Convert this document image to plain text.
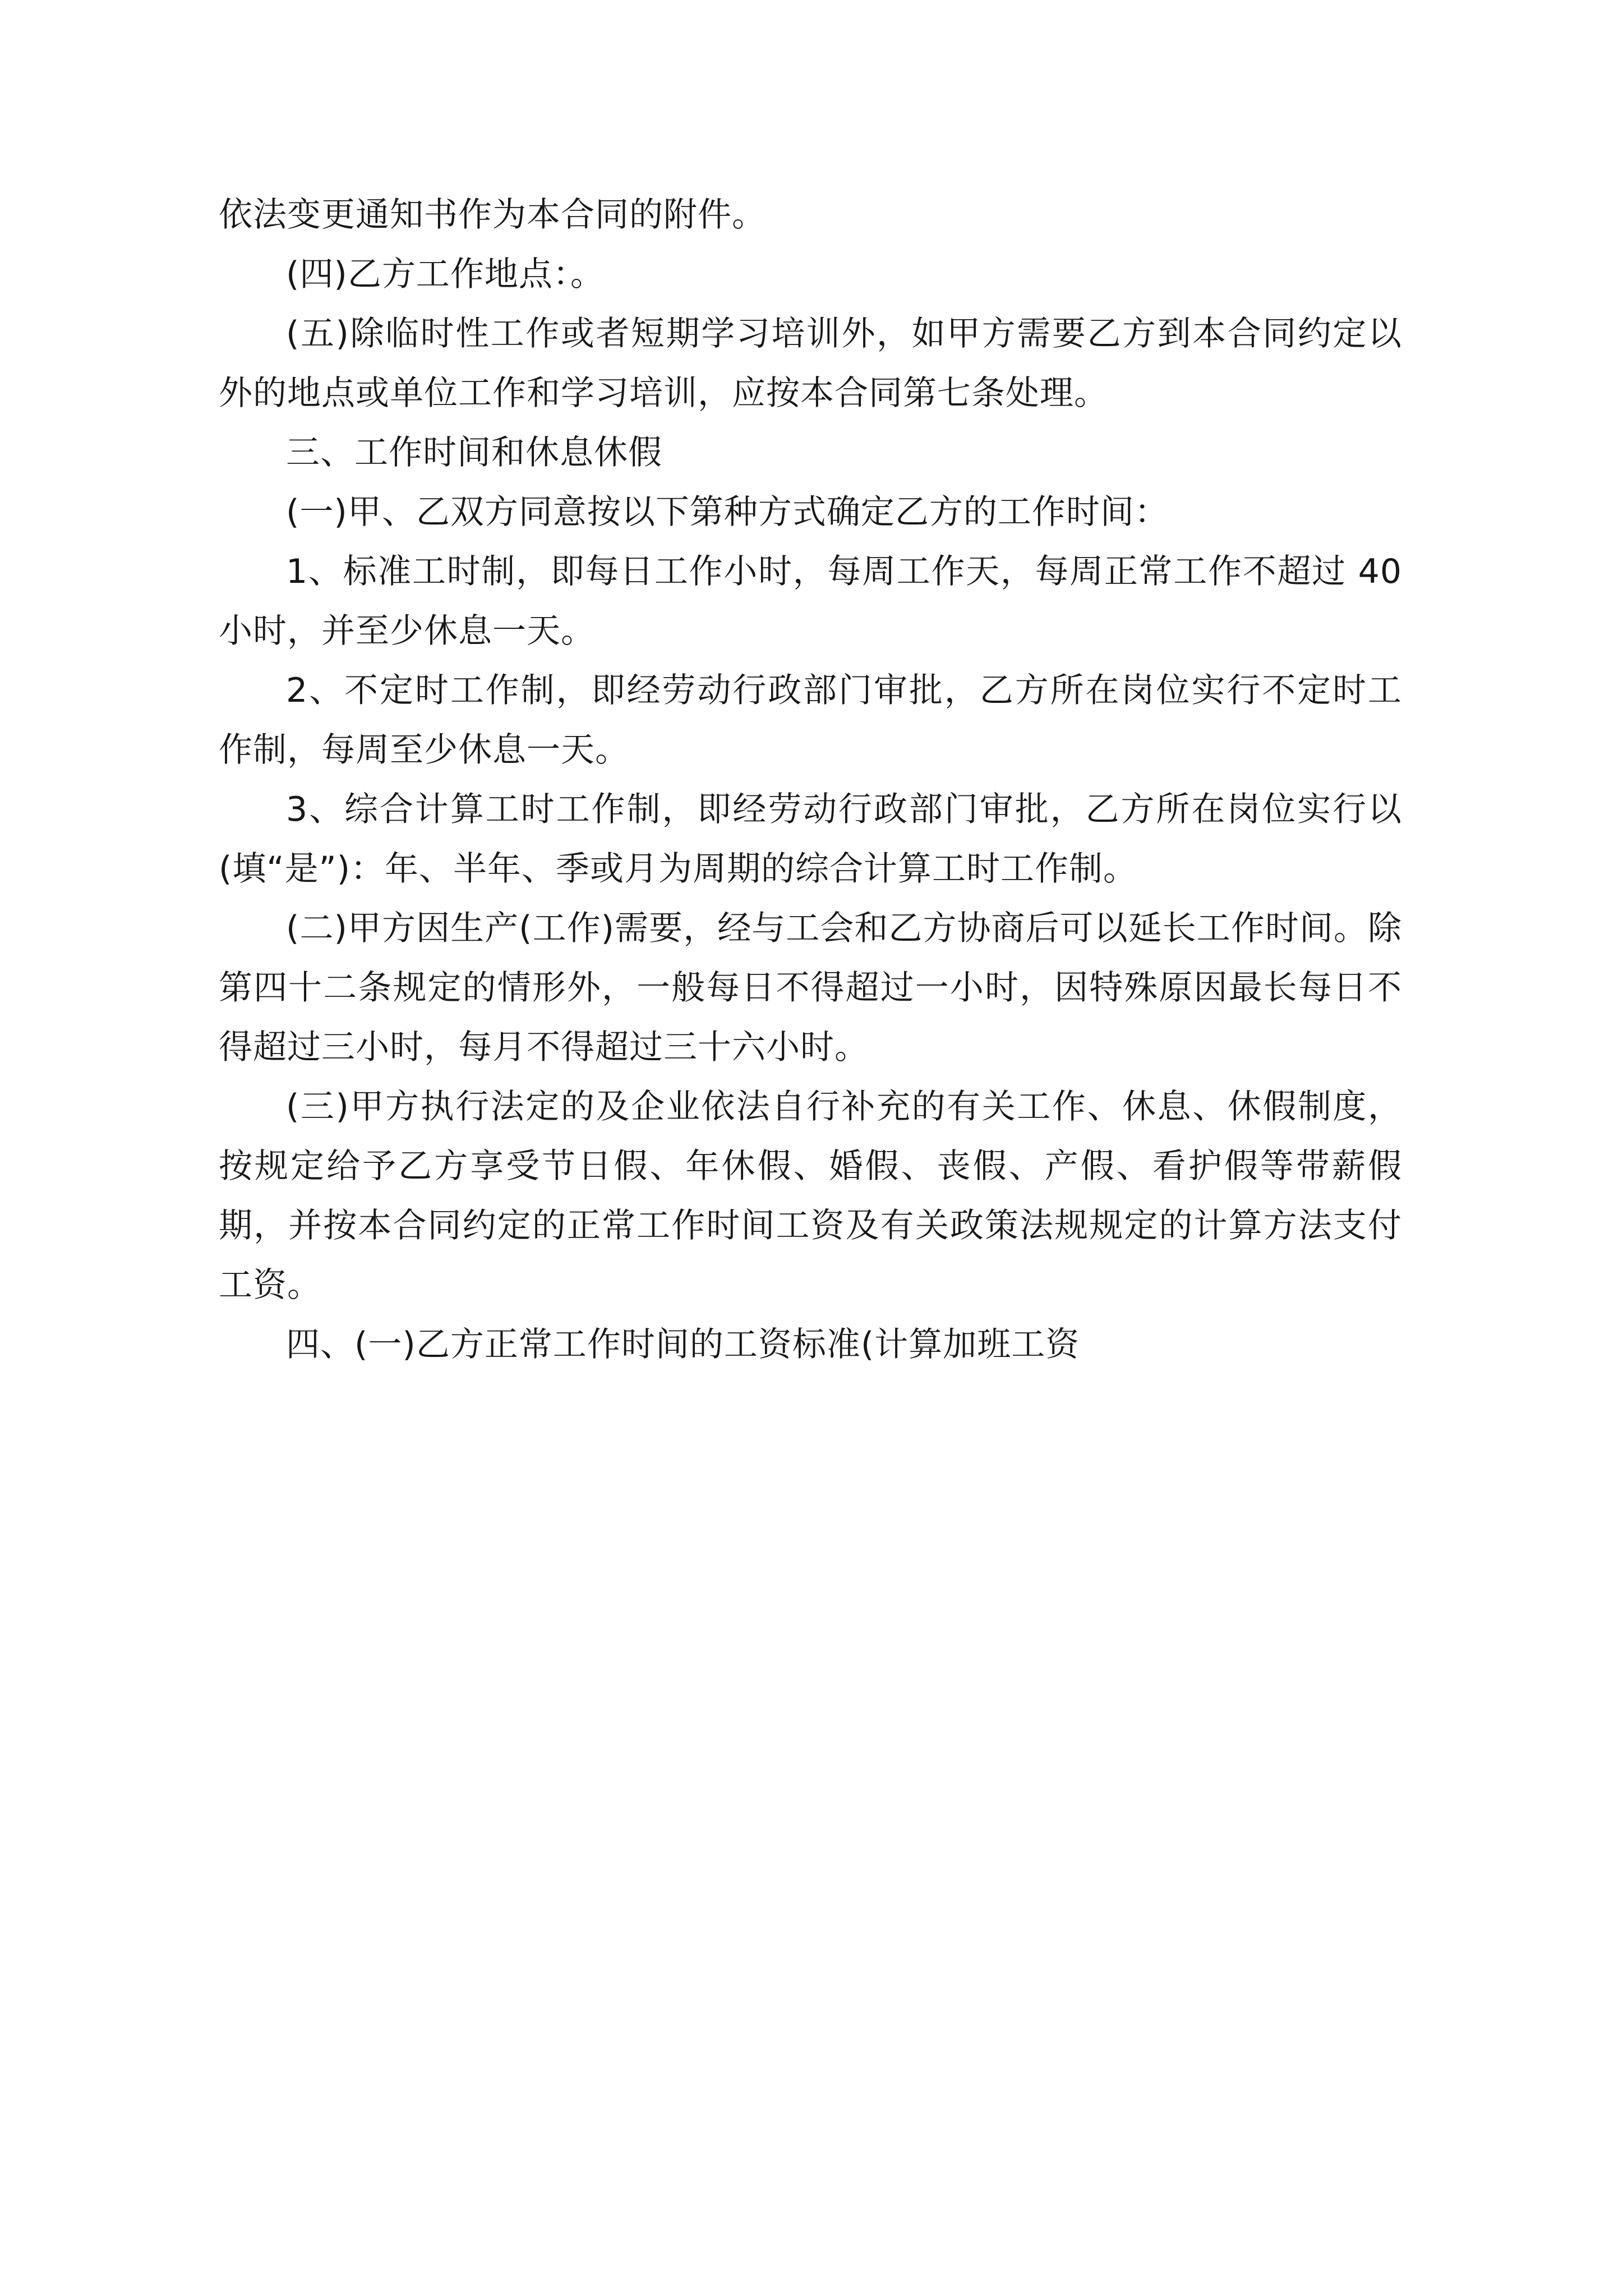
依法变更通知书作为本合同的附件。

(四)乙方工作地点：。

(五)除临时性工作或者短期学习培训外，如甲方需要乙方到本合同约定以外的地点或单位工作和学习培训，应按本合同第七条处理。

三、工作时间和休息休假

(一)甲、乙双方同意按以下第种方式确定乙方的工作时间：

1、标准工时制，即每日工作小时，每周工作天，每周正常工作不超过 40 小时，并至少休息一天。

2、不定时工作制，即经劳动行政部门审批，乙方所在岗位实行不定时工作制，每周至少休息一天。

3、综合计算工时工作制，即经劳动行政部门审批，乙方所在岗位实行以(填“是”)：年、半年、季或月为周期的综合计算工时工作制。

(二)甲方因生产(工作)需要，经与工会和乙方协商后可以延长工作时间。除第四十二条规定的情形外，一般每日不得超过一小时，因特殊原因最长每日不得超过三小时，每月不得超过三十六小时。

(三)甲方执行法定的及企业依法自行补充的有关工作、休息、休假制度，按规定给予乙方享受节日假、年休假、婚假、丧假、产假、看护假等带薪假期，并按本合同约定的正常工作时间工资及有关政策法规规定的计算方法支付工资。

四、(一)乙方正常工作时间的工资标准(计算加班工资
